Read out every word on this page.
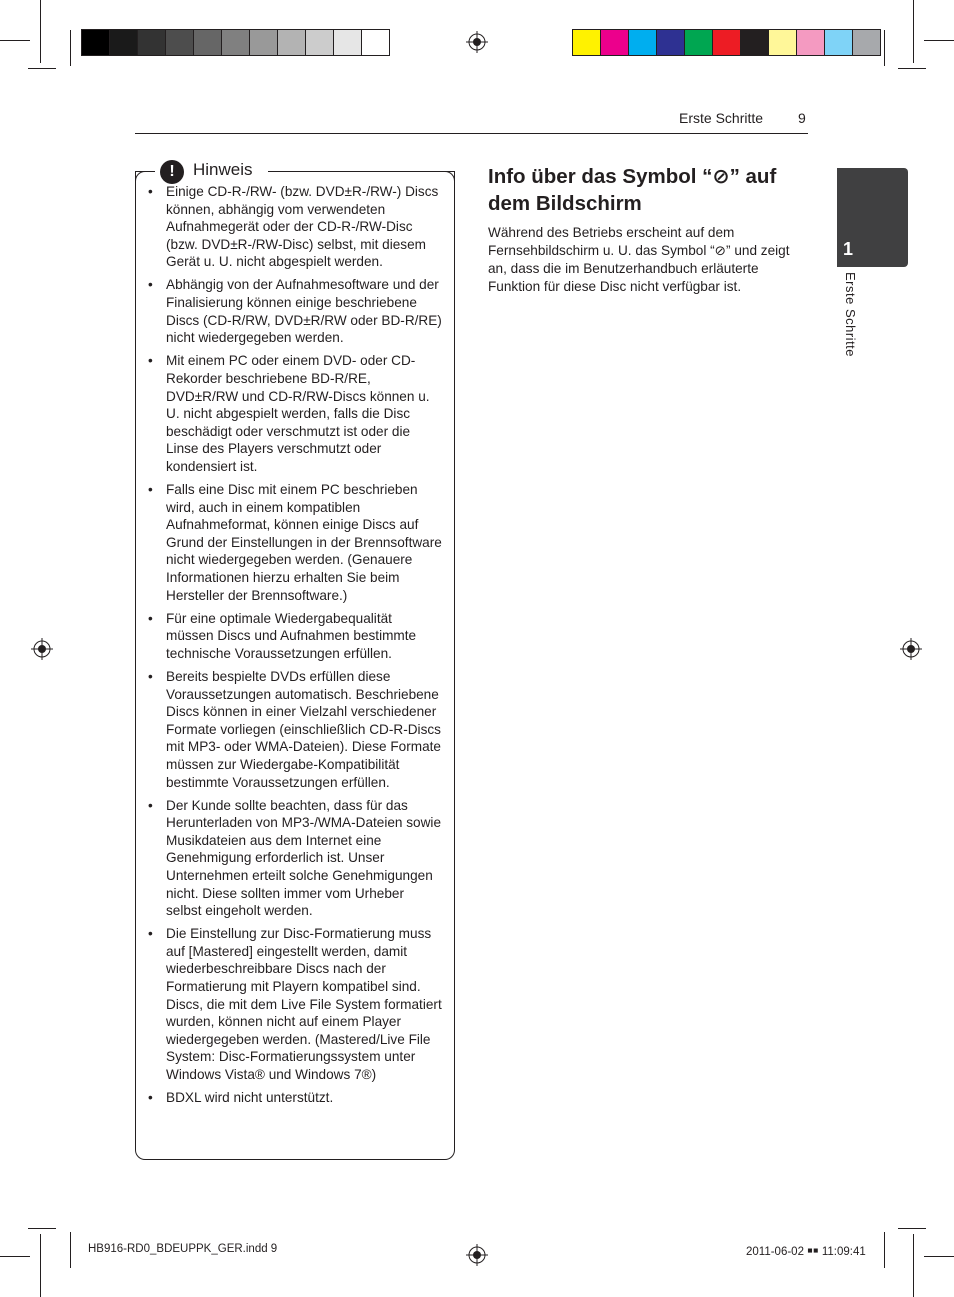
Erste Schritte 9
1
Erste Schritte
!	Hinweis
• Einige CD-R-/RW- (bzw. DVD±R-/RW-) Discs können, abhängig vom verwendeten Aufnahmegerät oder der CD-R-/RW-Disc (bzw. DVD±R-/RW-Disc) selbst, mit diesem Gerät u. U. nicht abgespielt werden.
• Abhängig von der Aufnahmesoftware und der Finalisierung können einige beschriebene Discs (CD-R/RW, DVD±R/RW oder BD-R/RE) nicht wiedergegeben werden.
• Mit einem PC oder einem DVD- oder CD-Rekorder beschriebene BD-R/RE, DVD±R/RW und CD-R/RW-Discs können u. U. nicht abgespielt werden, falls die Disc beschädigt oder verschmutzt ist oder die Linse des Players verschmutzt oder kondensiert ist.
• Falls eine Disc mit einem PC beschrieben wird, auch in einem kompatiblen Aufnahmeformat, können einige Discs auf Grund der Einstellungen in der Brennsoftware nicht wiedergegeben werden. (Genauere Informationen hierzu erhalten Sie beim Hersteller der Brennsoftware.)
• Für eine optimale Wiedergabequalität müssen Discs und Aufnahmen bestimmte technische Voraussetzungen erfüllen.
• Bereits bespielte DVDs erfüllen diese Voraussetzungen automatisch. Beschriebene Discs können in einer Vielzahl verschiedener Formate vorliegen (einschließlich CD-R-Discs mit MP3- oder WMA-Dateien). Diese Formate müssen zur Wiedergabe-Kompatibilität bestimmte Voraussetzungen erfüllen.
• Der Kunde sollte beachten, dass für das Herunterladen von MP3-/WMA-Dateien sowie Musikdateien aus dem Internet eine Genehmigung erforderlich ist. Unser Unternehmen erteilt solche Genehmigungen nicht. Diese sollten immer vom Urheber selbst eingeholt werden.
• Die Einstellung zur Disc-Formatierung muss auf [Mastered] eingestellt werden, damit wiederbeschreibbare Discs nach der Formatierung mit Playern kompatibel sind. Discs, die mit dem Live File System formatiert wurden, können nicht auf einem Player wiedergegeben werden. (Mastered/Live File System: Disc-Formatierungssystem unter Windows Vista® und Windows 7®)
• BDXL wird nicht unterstützt.
Info über das Symbol “⊘” auf dem Bildschirm
Während des Betriebs erscheint auf dem Fernsehbildschirm u. U. das Symbol “⊘” und zeigt an, dass die im Benutzerhandbuch erläuterte Funktion für diese Disc nicht verfügbar ist.
HB916-RD0_BDEUPPK_GER.indd 9	2011-06-02 ￭￭ 11:09:41
